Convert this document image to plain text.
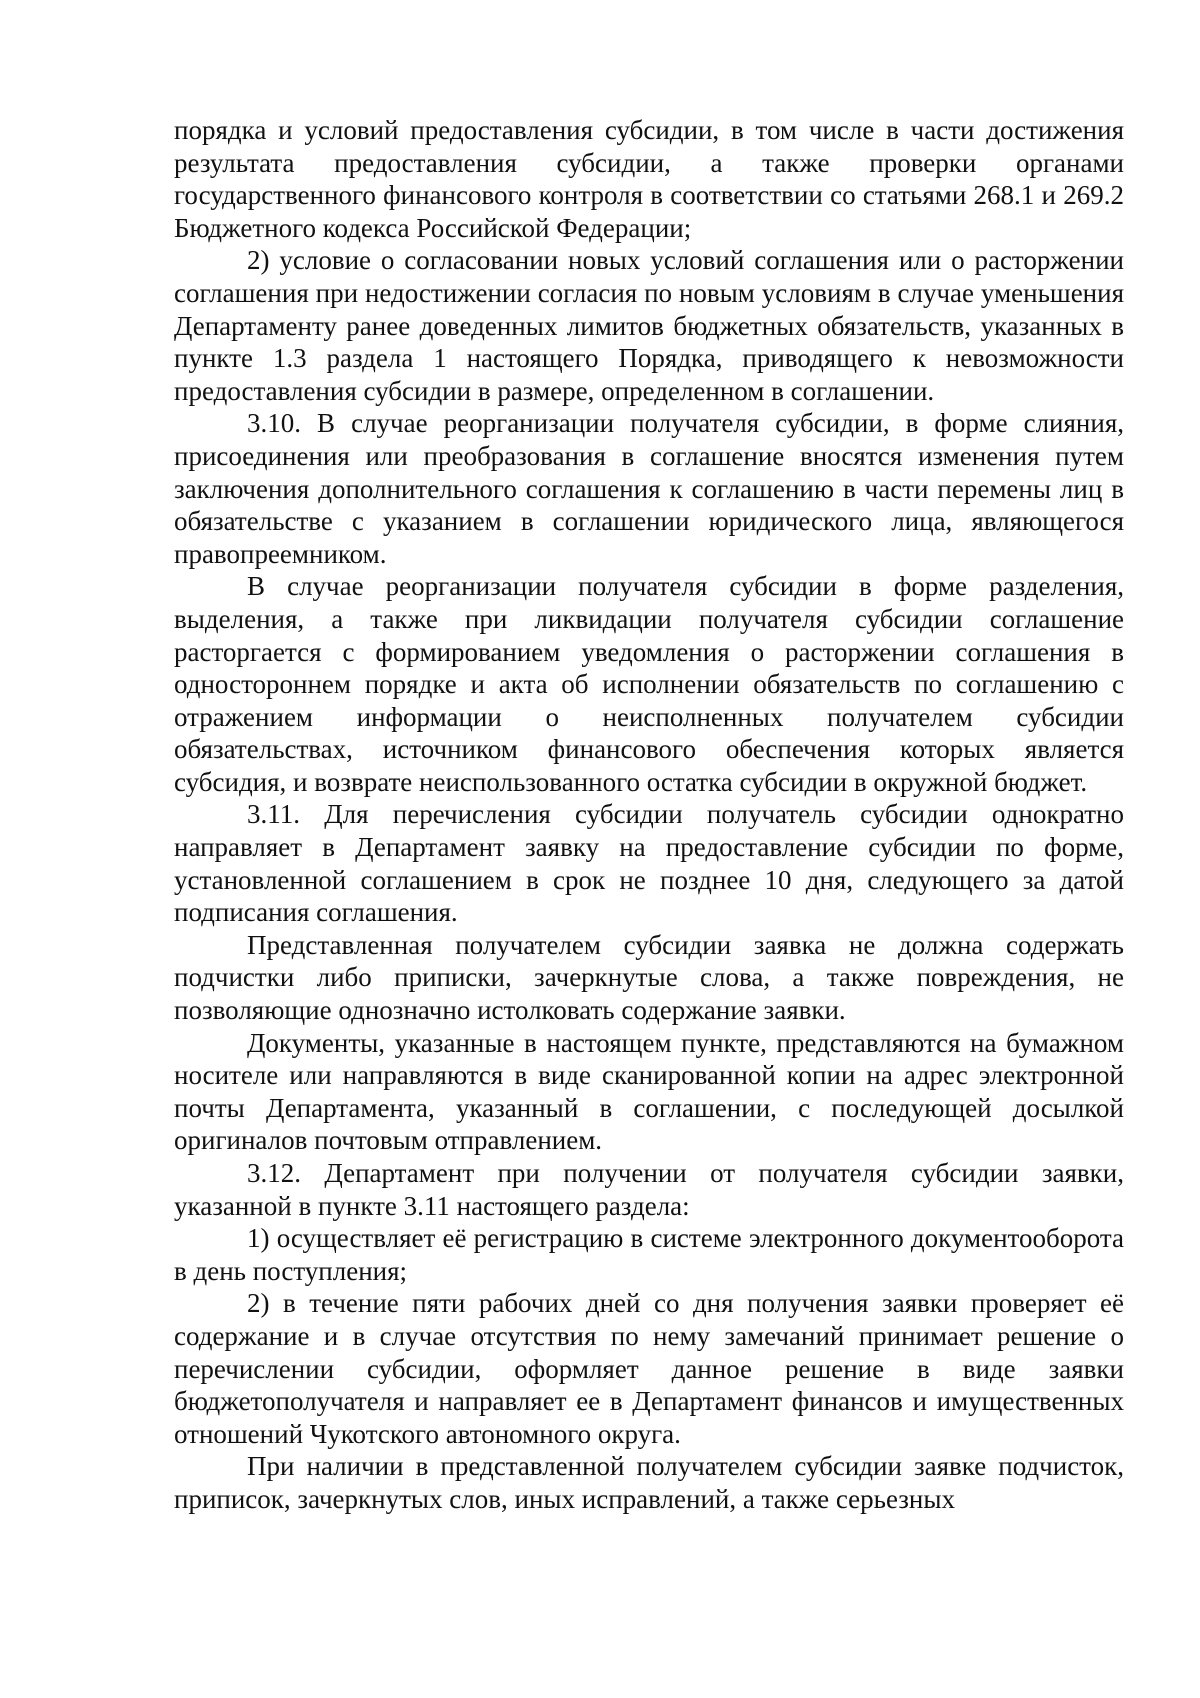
порядка и условий предоставления субсидии, в том числе в части достижения результата предоставления субсидии, а также проверки органами государственного финансового контроля в соответствии со статьями 268.1 и 269.2 Бюджетного кодекса Российской Федерации;

2) условие о согласовании новых условий соглашения или о расторжении соглашения при недостижении согласия по новым условиям в случае уменьшения Департаменту ранее доведенных лимитов бюджетных обязательств, указанных в пункте 1.3 раздела 1 настоящего Порядка, приводящего к невозможности предоставления субсидии в размере, определенном в соглашении.

3.10. В случае реорганизации получателя субсидии, в форме слияния, присоединения или преобразования в соглашение вносятся изменения путем заключения дополнительного соглашения к соглашению в части перемены лиц в обязательстве с указанием в соглашении юридического лица, являющегося правопреемником.

В случае реорганизации получателя субсидии в форме разделения, выделения, а также при ликвидации получателя субсидии соглашение расторгается с формированием уведомления о расторжении соглашения в одностороннем порядке и акта об исполнении обязательств по соглашению с отражением информации о неисполненных получателем субсидии обязательствах, источником финансового обеспечения которых является субсидия, и возврате неиспользованного остатка субсидии в окружной бюджет.

3.11. Для перечисления субсидии получатель субсидии однократно направляет в Департамент заявку на предоставление субсидии по форме, установленной соглашением в срок не позднее 10 дня, следующего за датой подписания соглашения.

Представленная получателем субсидии заявка не должна содержать подчистки либо приписки, зачеркнутые слова, а также повреждения, не позволяющие однозначно истолковать содержание заявки.

Документы, указанные в настоящем пункте, представляются на бумажном носителе или направляются в виде сканированной копии на адрес электронной почты Департамента, указанный в соглашении, с последующей досылкой оригиналов почтовым отправлением.

3.12. Департамент при получении от получателя субсидии заявки, указанной в пункте 3.11 настоящего раздела:

1) осуществляет её регистрацию в системе электронного документооборота в день поступления;

2) в течение пяти рабочих дней со дня получения заявки проверяет её содержание и в случае отсутствия по нему замечаний принимает решение о перечислении субсидии, оформляет данное решение в виде заявки бюджетополучателя и направляет ее в Департамент финансов и имущественных отношений Чукотского автономного округа.

При наличии в представленной получателем субсидии заявке подчисток, приписок, зачеркнутых слов, иных исправлений, а также серьезных
